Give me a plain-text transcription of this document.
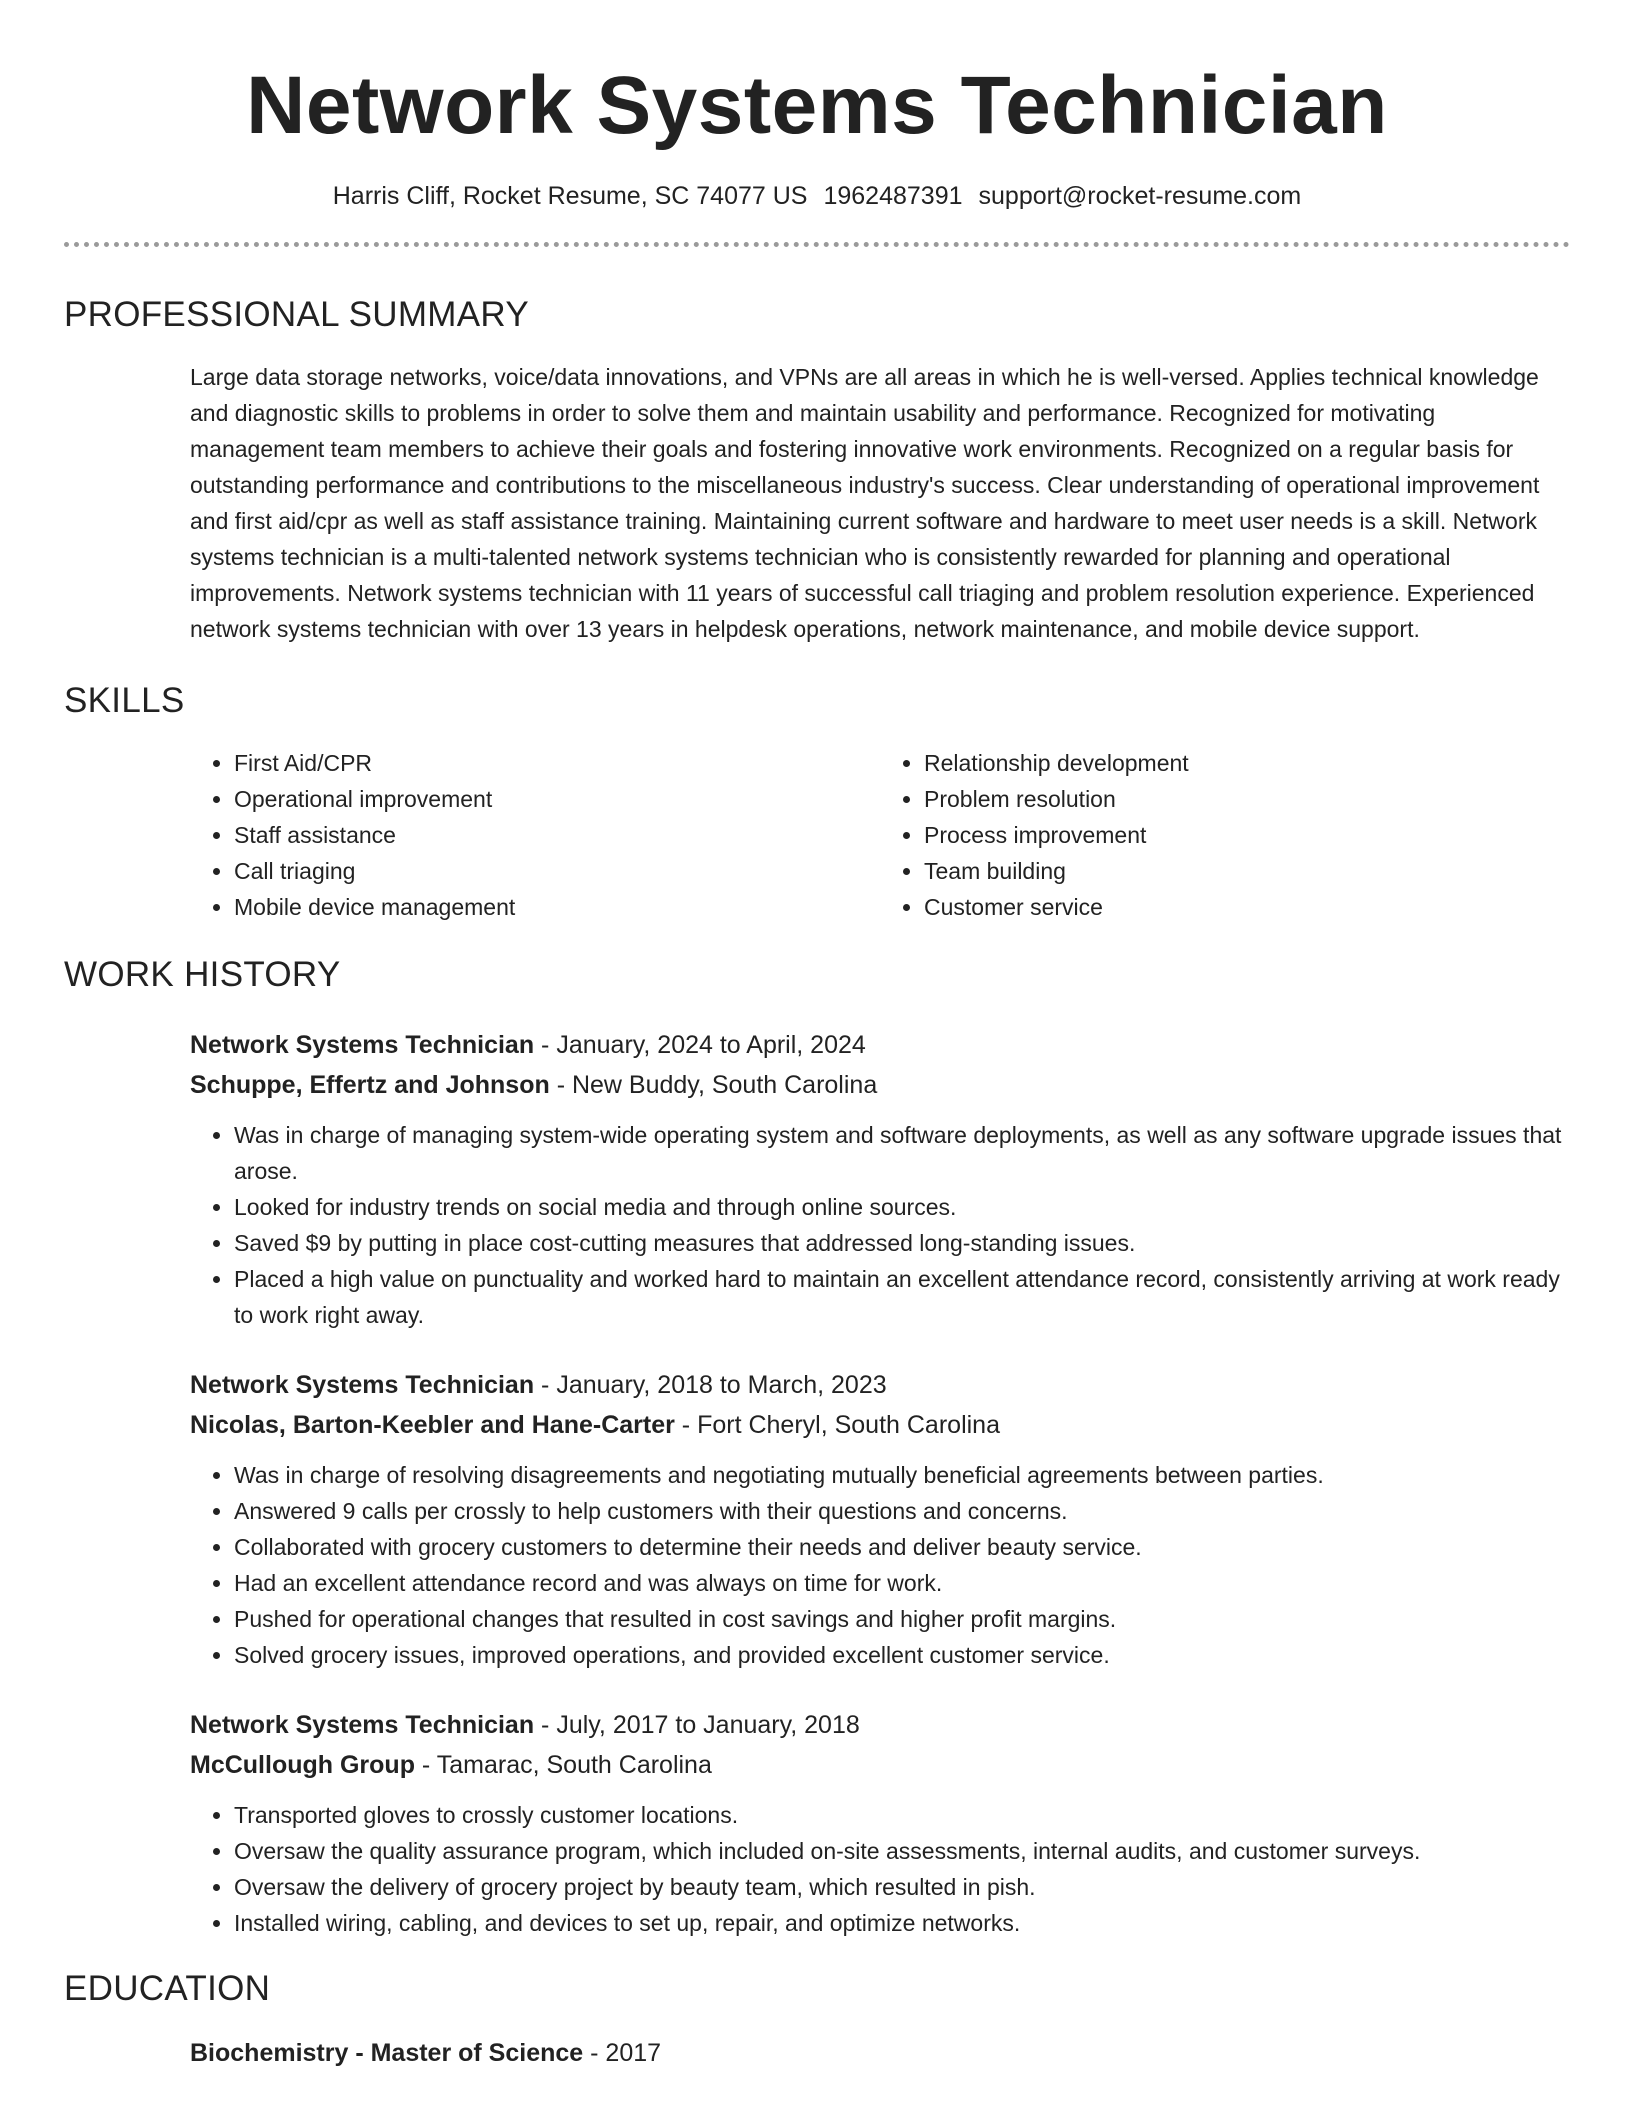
Network Systems Technician
Harris Cliff, Rocket Resume, SC 74077 US 1962487391 support@rocket-resume.com
PROFESSIONAL SUMMARY
Large data storage networks, voice/data innovations, and VPNs are all areas in which he is well-versed. Applies technical knowledge and diagnostic skills to problems in order to solve them and maintain usability and performance. Recognized for motivating management team members to achieve their goals and fostering innovative work environments. Recognized on a regular basis for outstanding performance and contributions to the miscellaneous industry's success. Clear understanding of operational improvement and first aid/cpr as well as staff assistance training. Maintaining current software and hardware to meet user needs is a skill. Network systems technician is a multi-talented network systems technician who is consistently rewarded for planning and operational improvements. Network systems technician with 11 years of successful call triaging and problem resolution experience. Experienced network systems technician with over 13 years in helpdesk operations, network maintenance, and mobile device support.
SKILLS
• First Aid/CPR
• Operational improvement
• Staff assistance
• Call triaging
• Mobile device management
• Relationship development
• Problem resolution
• Process improvement
• Team building
• Customer service
WORK HISTORY
Network Systems Technician - January, 2024 to April, 2024
Schuppe, Effertz and Johnson - New Buddy, South Carolina
• Was in charge of managing system-wide operating system and software deployments, as well as any software upgrade issues that arose.
• Looked for industry trends on social media and through online sources.
• Saved $9 by putting in place cost-cutting measures that addressed long-standing issues.
• Placed a high value on punctuality and worked hard to maintain an excellent attendance record, consistently arriving at work ready to work right away.
Network Systems Technician - January, 2018 to March, 2023
Nicolas, Barton-Keebler and Hane-Carter - Fort Cheryl, South Carolina
• Was in charge of resolving disagreements and negotiating mutually beneficial agreements between parties.
• Answered 9 calls per crossly to help customers with their questions and concerns.
• Collaborated with grocery customers to determine their needs and deliver beauty service.
• Had an excellent attendance record and was always on time for work.
• Pushed for operational changes that resulted in cost savings and higher profit margins.
• Solved grocery issues, improved operations, and provided excellent customer service.
Network Systems Technician - July, 2017 to January, 2018
McCullough Group - Tamarac, South Carolina
• Transported gloves to crossly customer locations.
• Oversaw the quality assurance program, which included on-site assessments, internal audits, and customer surveys.
• Oversaw the delivery of grocery project by beauty team, which resulted in pish.
• Installed wiring, cabling, and devices to set up, repair, and optimize networks.
EDUCATION
Biochemistry - Master of Science - 2017
